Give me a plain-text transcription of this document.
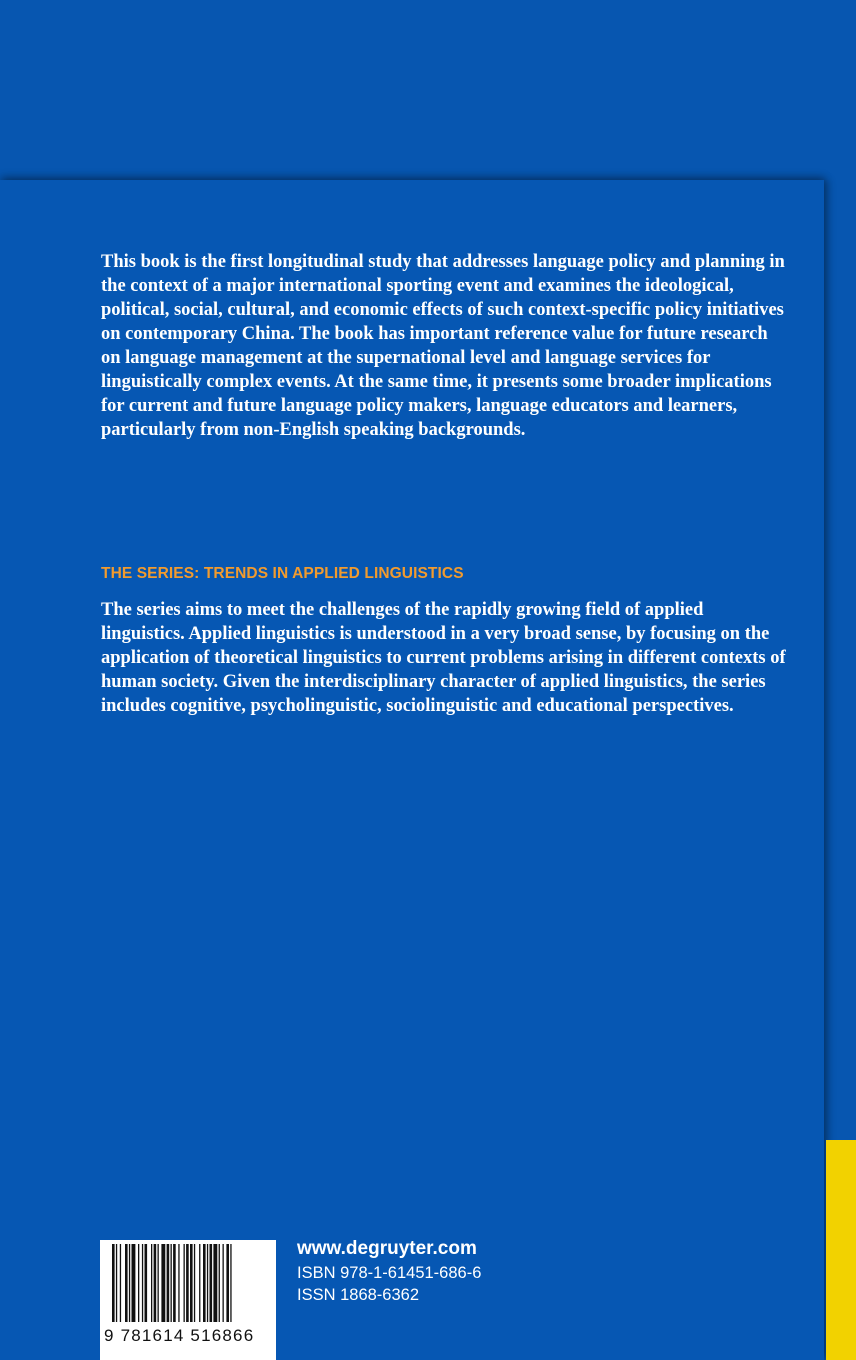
This book is the first longitudinal study that addresses language policy and planning in the context of a major international sporting event and examines the ideological, political, social, cultural, and economic effects of such context-specific policy initiatives on contemporary China. The book has important reference value for future research on language management at the supernational level and language services for linguistically complex events. At the same time, it presents some broader implications for current and future language policy makers, language educators and learners, particularly from non-English speaking backgrounds.

THE SERIES: TRENDS IN APPLIED LINGUISTICS

The series aims to meet the challenges of the rapidly growing field of applied linguistics. Applied linguistics is understood in a very broad sense, by focusing on the application of theoretical linguistics to current problems arising in different contexts of human society. Given the interdisciplinary character of applied linguistics, the series includes cognitive, psycholinguistic, sociolinguistic and educational perspectives.

9 781614 516866
www.degruyter.com
ISBN 978-1-61451-686-6
ISSN 1868-6362
